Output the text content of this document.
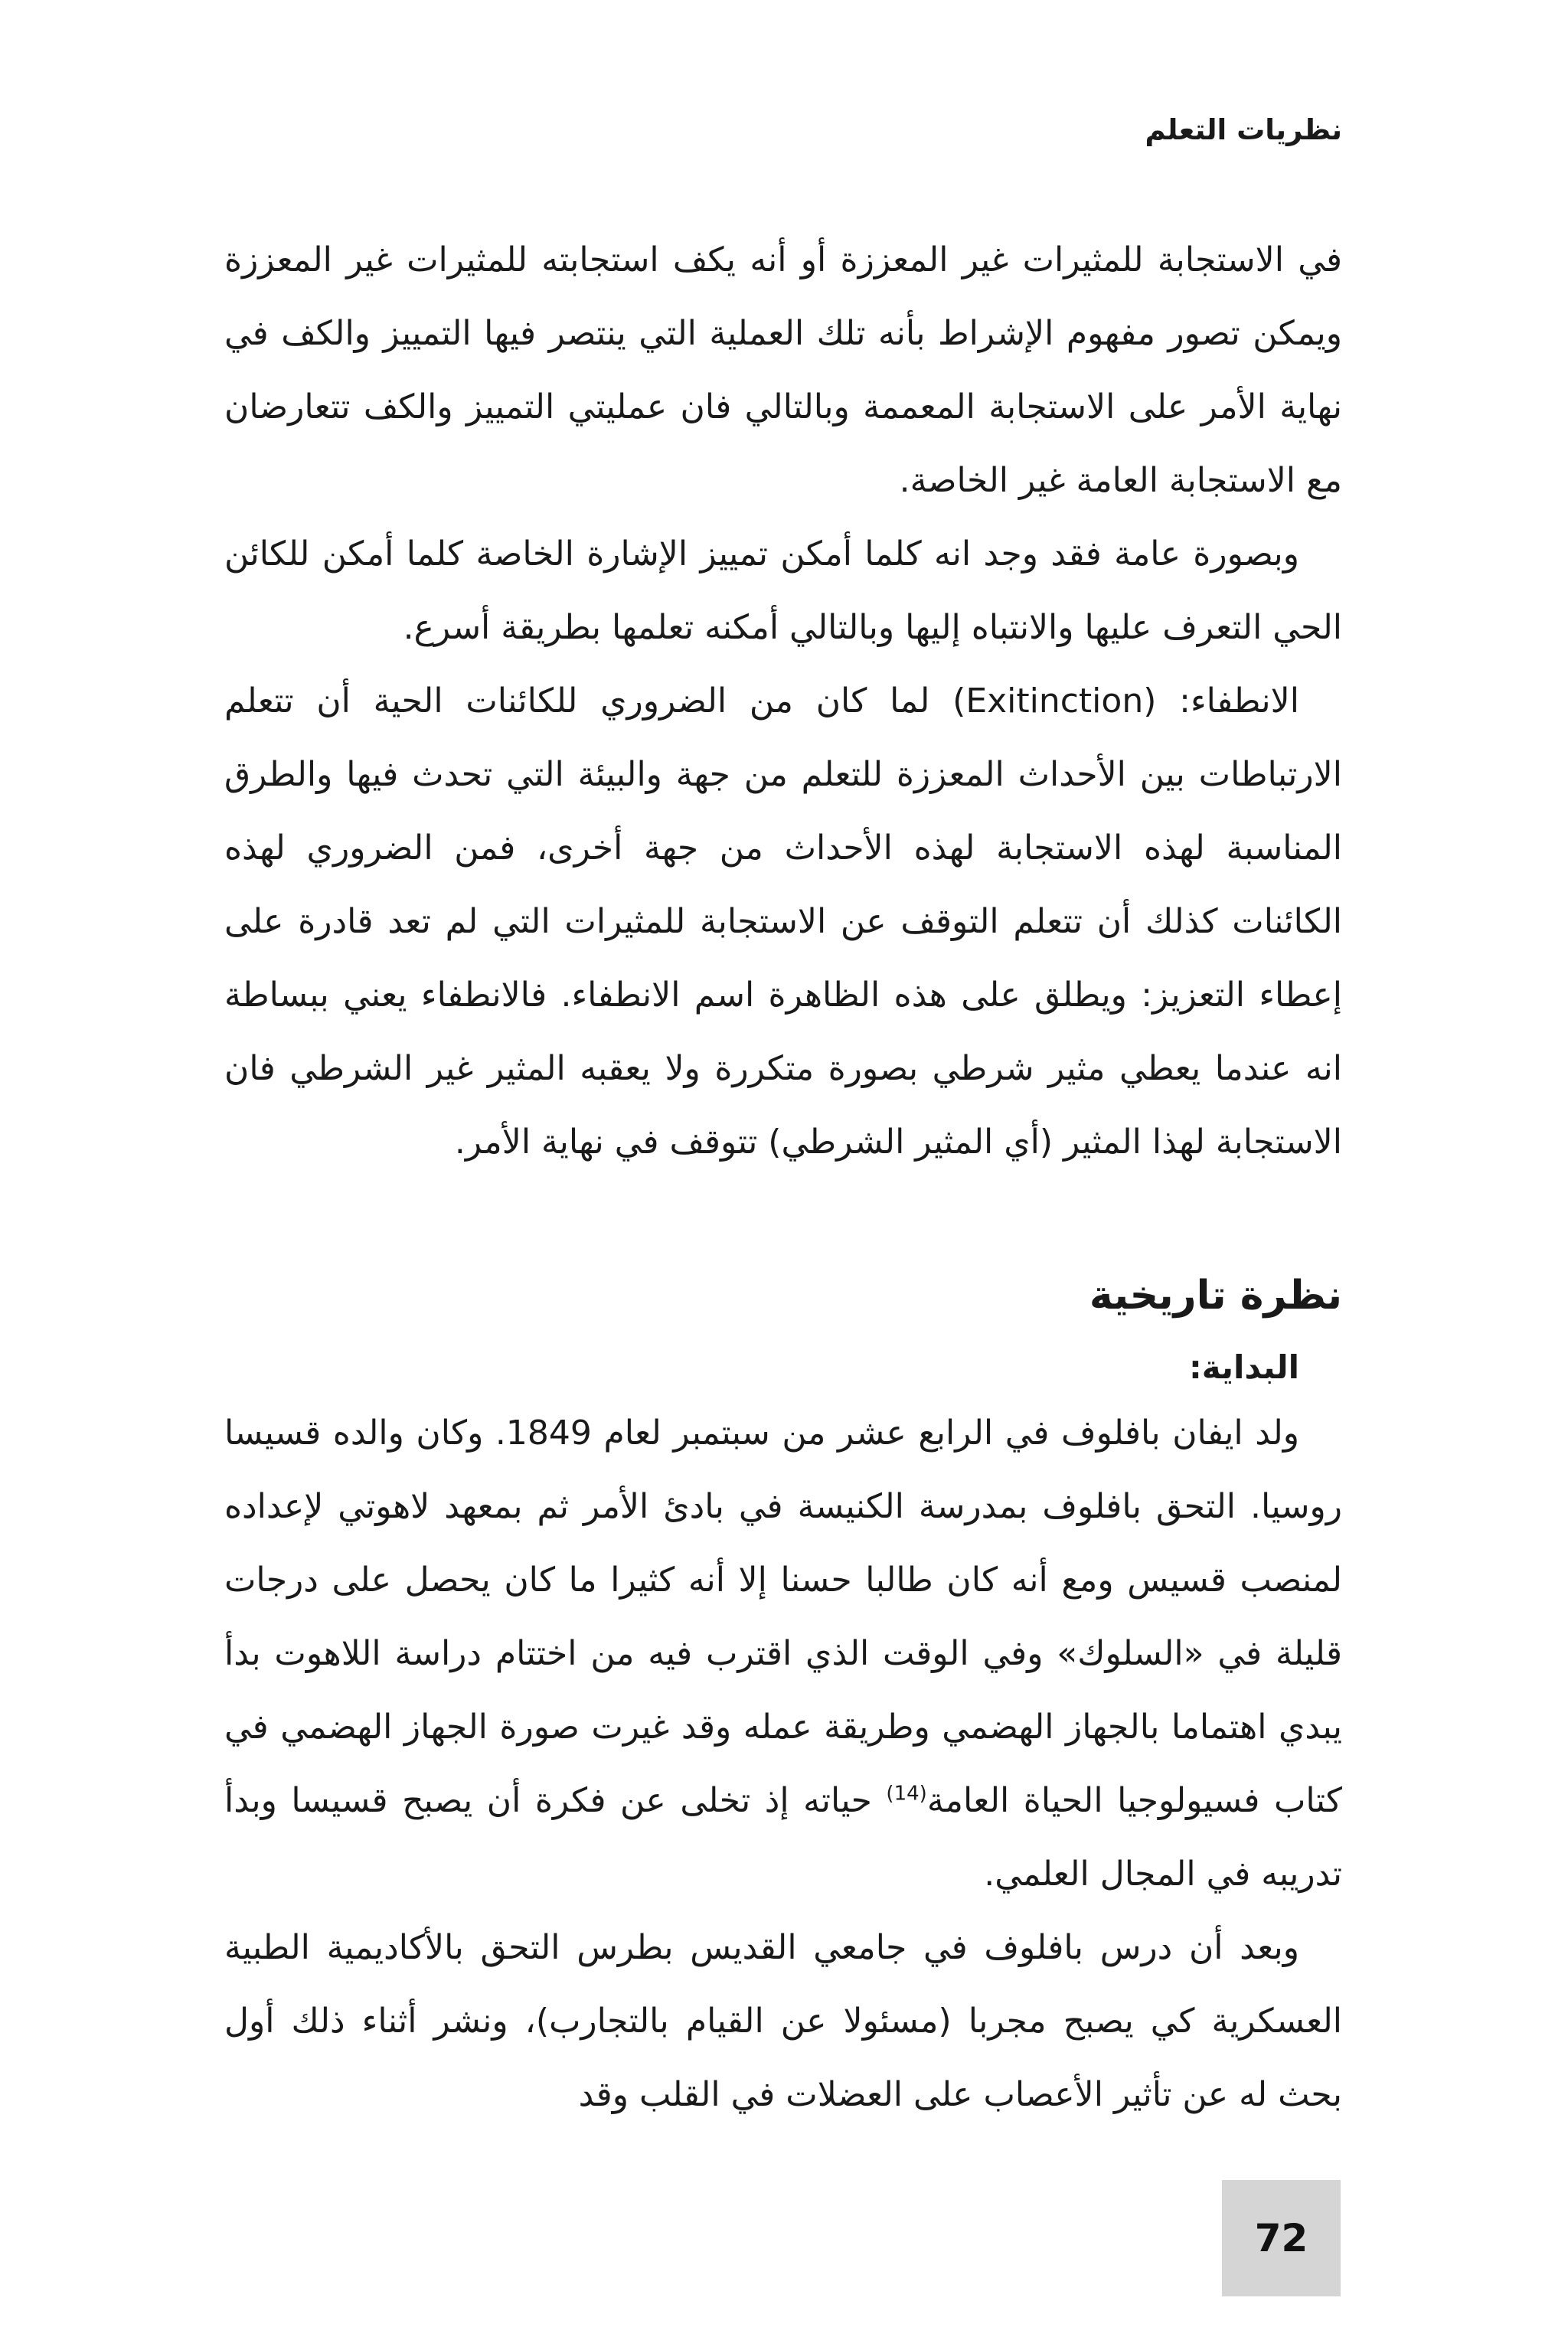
نظريات التعلم

في الاستجابة للمثيرات غير المعززة أو أنه يكف استجابته للمثيرات غير المعززة ويمكن تصور مفهوم الإشراط بأنه تلك العملية التي ينتصر فيها التمييز والكف في نهاية الأمر على الاستجابة المعممة وبالتالي فان عمليتي التمييز والكف تتعارضان مع الاستجابة العامة غير الخاصة.

وبصورة عامة فقد وجد انه كلما أمكن تمييز الإشارة الخاصة كلما أمكن للكائن الحي التعرف عليها والانتباه إليها وبالتالي أمكنه تعلمها بطريقة أسرع.

الانطفاء: (Exitinction) لما كان من الضروري للكائنات الحية أن تتعلم الارتباطات بين الأحداث المعززة للتعلم من جهة والبيئة التي تحدث فيها والطرق المناسبة لهذه الاستجابة لهذه الأحداث من جهة أخرى، فمن الضروري لهذه الكائنات كذلك أن تتعلم التوقف عن الاستجابة للمثيرات التي لم تعد قادرة على إعطاء التعزيز: ويطلق على هذه الظاهرة اسم الانطفاء. فالانطفاء يعني ببساطة انه عندما يعطي مثير شرطي بصورة متكررة ولا يعقبه المثير غير الشرطي فان الاستجابة لهذا المثير (أي المثير الشرطي) تتوقف في نهاية الأمر.

نظرة تاريخية
البداية:

ولد ايفان بافلوف في الرابع عشر من سبتمبر لعام 1849. وكان والده قسيسا روسيا. التحق بافلوف بمدرسة الكنيسة في بادئ الأمر ثم بمعهد لاهوتي لإعداده لمنصب قسيس ومع أنه كان طالبا حسنا إلا أنه كثيرا ما كان يحصل على درجات قليلة في «السلوك» وفي الوقت الذي اقترب فيه من اختتام دراسة اللاهوت بدأ يبدي اهتماما بالجهاز الهضمي وطريقة عمله وقد غيرت صورة الجهاز الهضمي في كتاب فسيولوجيا الحياة العامة$^{(14)}$ حياته إذ تخلى عن فكرة أن يصبح قسيسا وبدأ تدريبه في المجال العلمي.

وبعد أن درس بافلوف في جامعي القديس بطرس التحق بالأكاديمية الطبية العسكرية كي يصبح مجربا (مسئولا عن القيام بالتجارب)، ونشر أثناء ذلك أول بحث له عن تأثير الأعصاب على العضلات في القلب وقد

72
